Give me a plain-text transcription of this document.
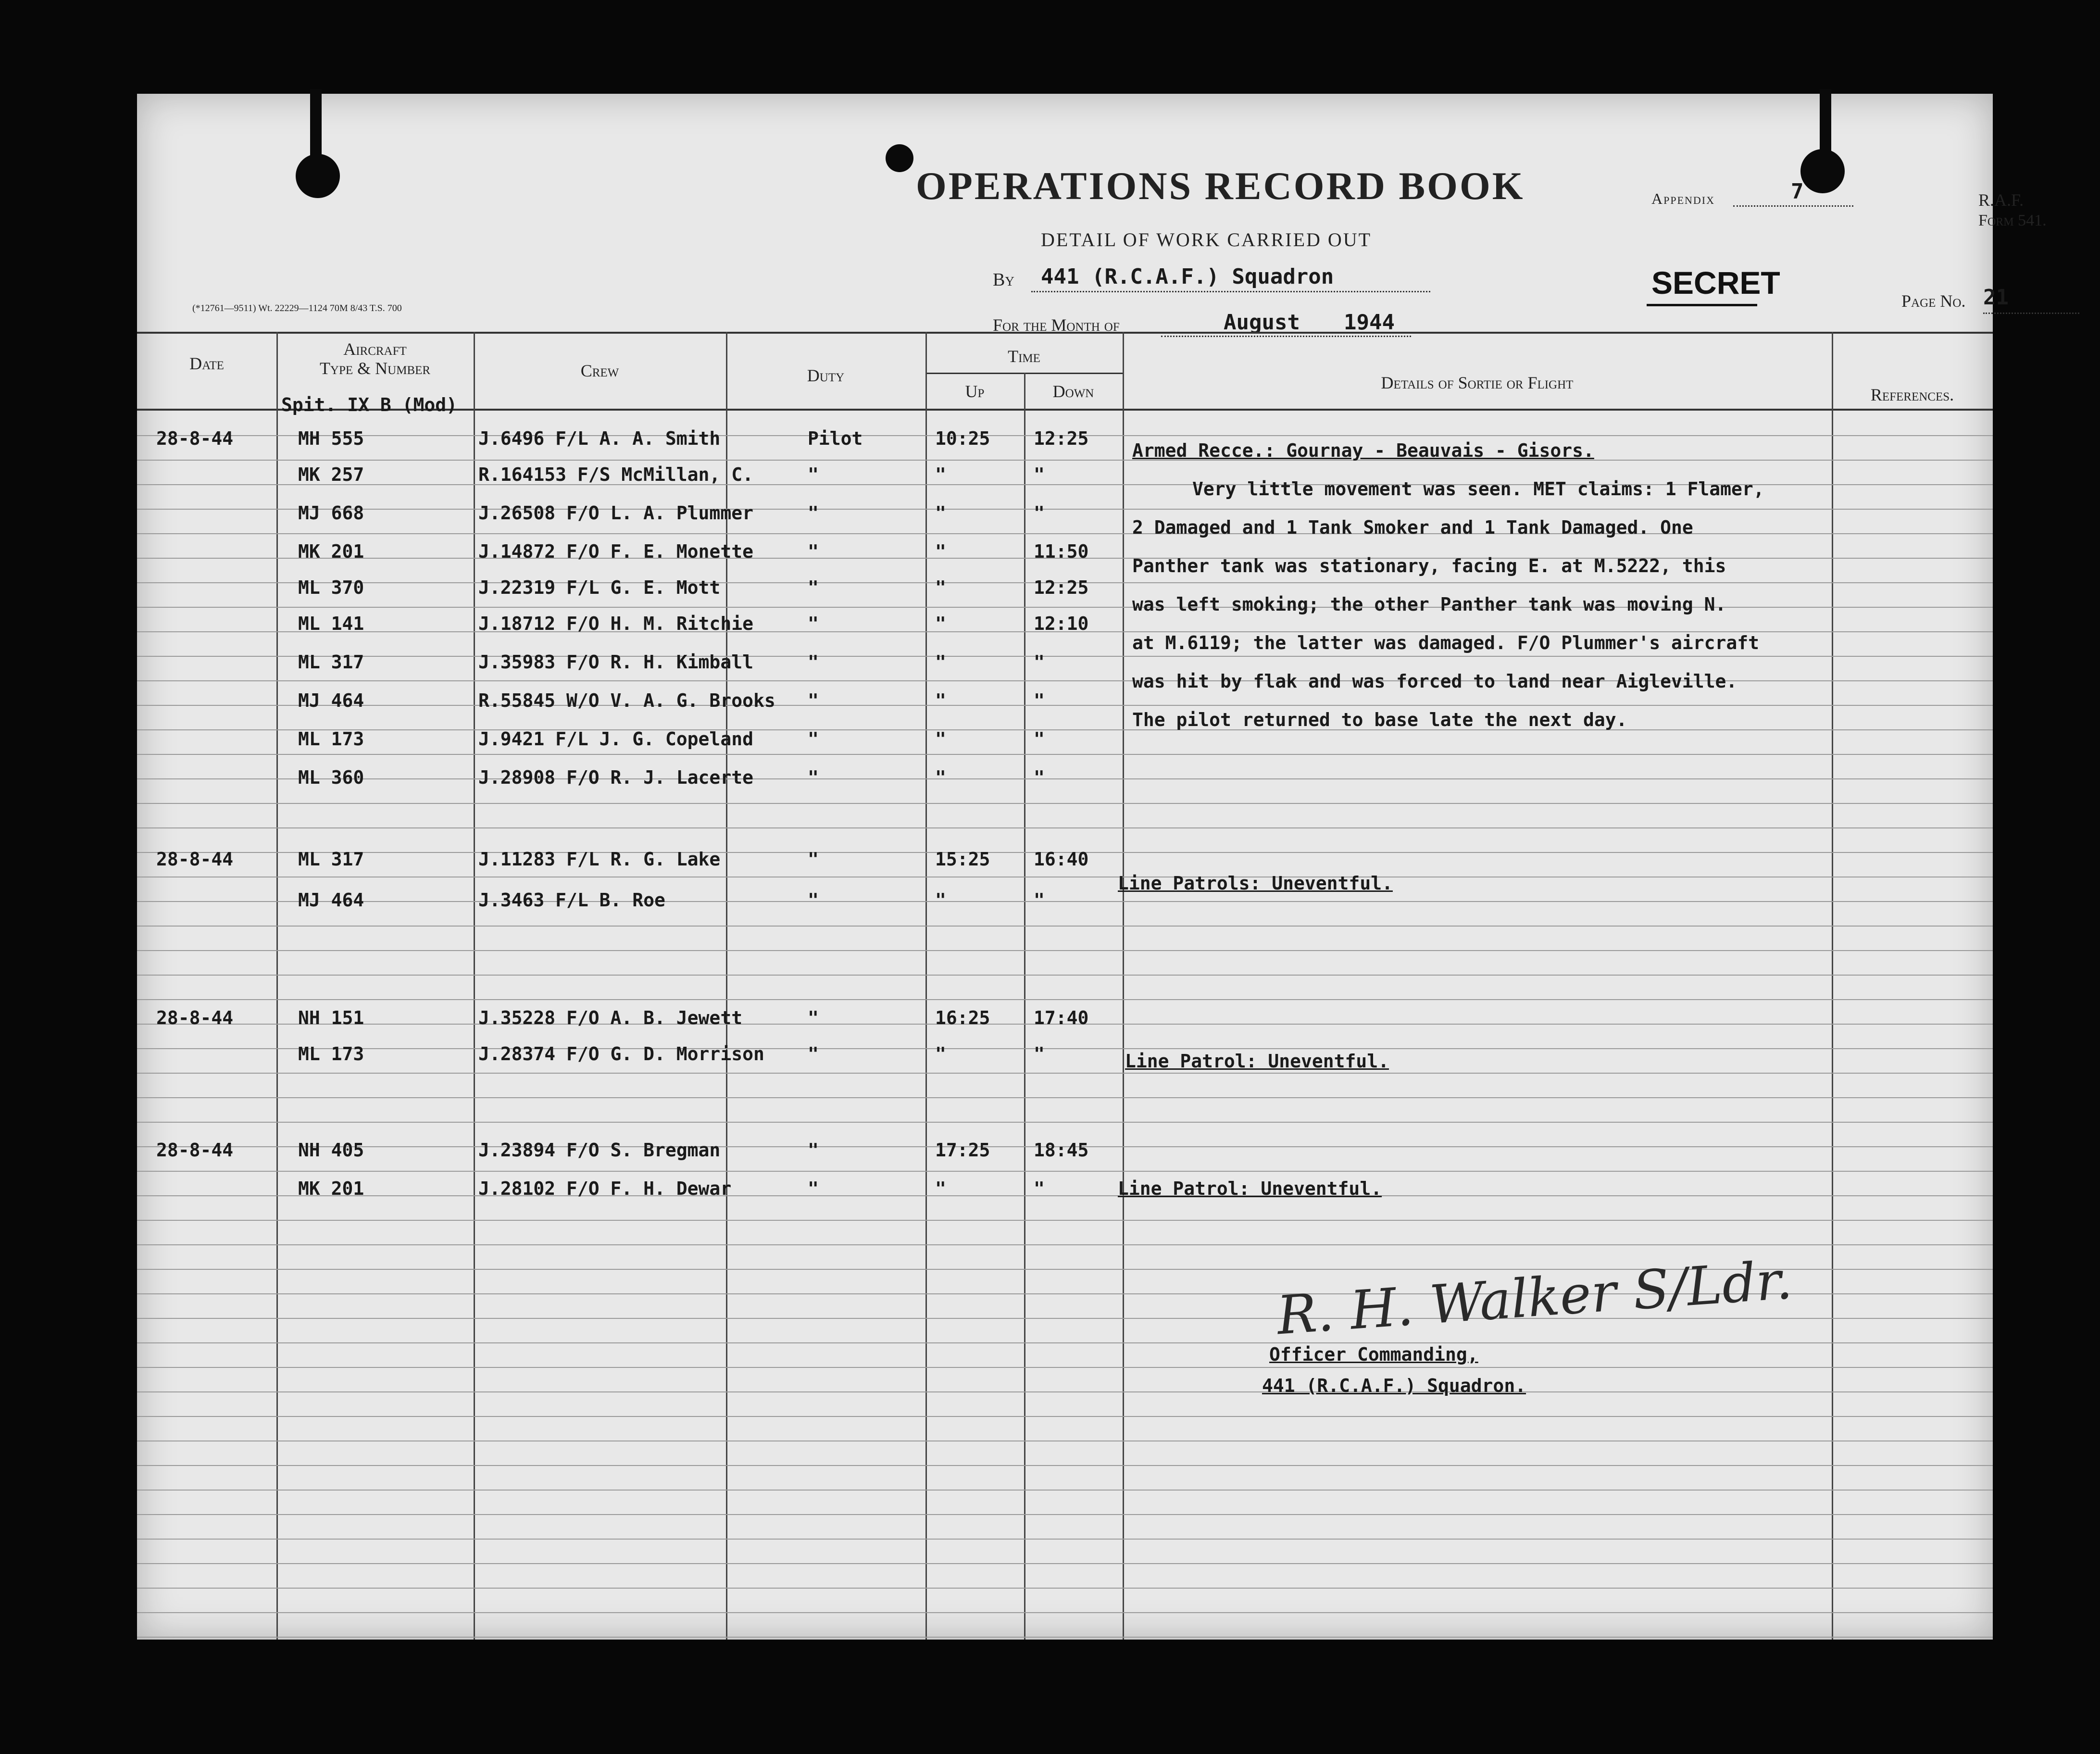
OPERATIONS RECORD BOOK
DETAIL OF WORK CARRIED OUT
By 441 (R.C.A.F.) Squadron
For the Month of	August 1944
Appendix	7	R.A.F.
Form 541.
SECRET
Page No. 21
(*12761—9511) Wt. 22229—1124 70M 8/43 T.S. 700
Date
Aircraft
Type & Number	Crew	Duty
Time
Up	Down	Details of Sortie or Flight
References.
Spit. IX B (Mod)
28-8-44	MH 555	J.6496 F/L A. A. Smith	Pilot	10:25 12:25
MK 257	R.164153 F/S McMillan, C.	"	"	"
MJ 668	J.26508 F/O L. A. Plummer	"	"	"
MK 201	J.14872 F/O F. E. Monette	"	"	11:50
ML 370	J.22319 F/L G. E. Mott	"	"	12:25
ML 141	J.18712 F/O H. M. Ritchie	"	"	12:10
ML 317	J.35983 F/O R. H. Kimball	"	"	"
MJ 464	R.55845 W/O V. A. G. Brooks "	"	"
ML 173	J.9421 F/L J. G. Copeland	"	"	"
ML 360	J.28908 F/O R. J. Lacerte	"	"	"
28-8-44	ML 317	J.11283 F/L R. G. Lake	"	15:25 16:40
MJ 464	J.3463 F/L B. Roe	"	"	"
28-8-44	NH 151	J.35228 F/O A. B. Jewett	"	16:25 17:40
ML 173	J.28374 F/O G. D. Morrison "	"	"
28-8-44	NH 405	J.23894 F/O S. Bregman	"	17:25 18:45
MK 201	J.28102 F/O F. H. Dewar	"	"	"
Armed Recce.: Gournay - Beauvais - Gisors.
Very little movement was seen. MET claims: 1 Flamer,
2 Damaged and 1 Tank Smoker and 1 Tank Damaged. One
Panther tank was stationary, facing E. at M.5222, this
was left smoking; the other Panther tank was moving N.
at M.6119; the latter was damaged. F/O Plummer's aircraft
was hit by flak and was forced to land near Aigleville.
The pilot returned to base late the next day.
Line Patrols: Uneventful.
Line Patrol: Uneventful.
Line Patrol: Uneventful.
R. H. Walker S/Ldr.
Officer Commanding,
441 (R.C.A.F.) Squadron.
